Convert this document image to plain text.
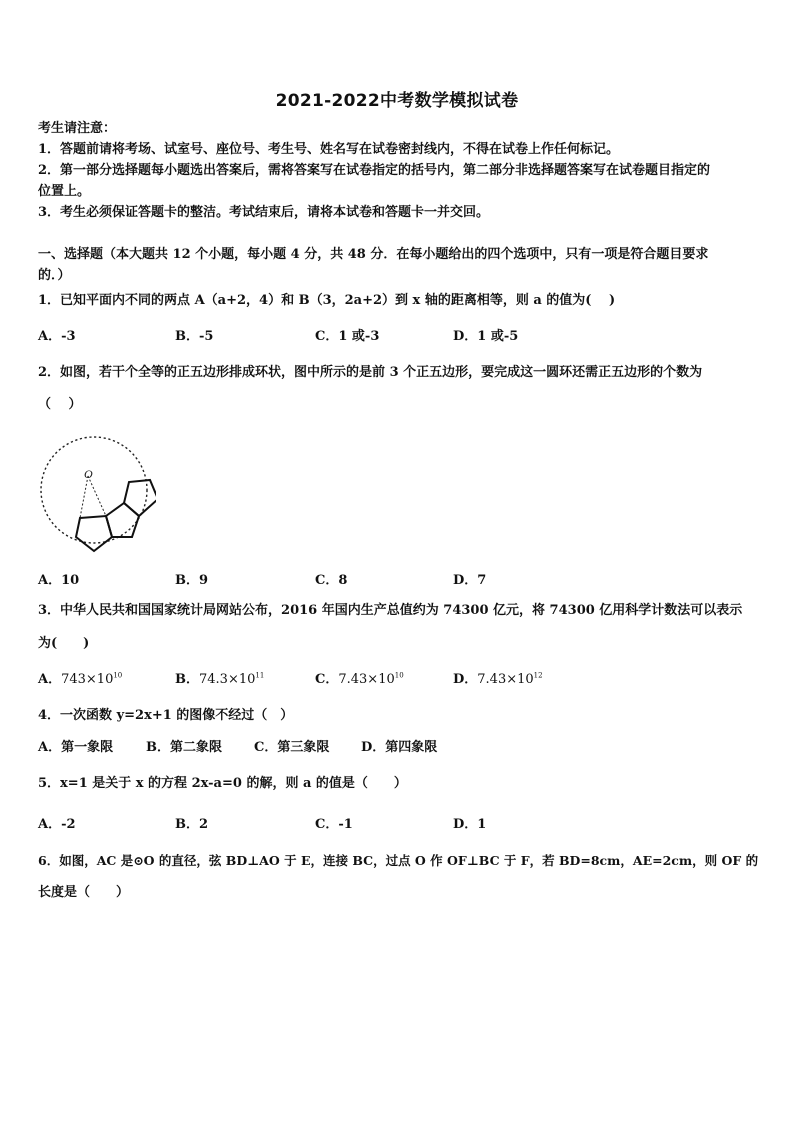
2021-2022中考数学模拟试卷
考生请注意：
1．答题前请将考场、试室号、座位号、考生号、姓名写在试卷密封线内，不得在试卷上作任何标记。
2．第一部分选择题每小题选出答案后，需将答案写在试卷指定的括号内，第二部分非选择题答案写在试卷题目指定的
位置上。
3．考生必须保证答题卡的整洁。考试结束后，请将本试卷和答题卡一并交回。
一、选择题（本大题共 12 个小题，每小题 4 分，共 48 分．在每小题给出的四个选项中，只有一项是符合题目要求
的．）
1．已知平面内不同的两点 A（a+2，4）和 B（3，2a+2）到 x 轴的距离相等，则 a 的值为(　 )
A．-3	B．-5	C．1 或-3	D．1 或-5
2．如图，若干个全等的正五边形排成环状，图中所示的是前 3 个正五边形，要完成这一圆环还需正五边形的个数为
（　 ）
O
A．10	B．9	C．8	D．7
3．中华人民共和国国家统计局网站公布，2016 年国内生产总值约为 74300 亿元，将 74300 亿用科学计数法可以表示
为(　　)
A．$743\times 10^{10}$	B．$74.3\times 10^{11}$	C．$7.43\times 10^{10}$	D．$7.43\times 10^{12}$
4．一次函数 y=2x+1 的图像不经过（　）
A．第一象限	B．第二象限 C．第三象限 D．第四象限
5．x=1 是关于 x 的方程 2x-a=0 的解，则 a 的值是（　　）
A．-2	B．2	C．-1	D．1
6．如图，AC 是⊙O 的直径，弦 BD⊥AO 于 E，连接 BC，过点 O 作 OF⊥BC 于 F，若 BD=8cm，AE=2cm，则 OF 的
长度是（　　）
